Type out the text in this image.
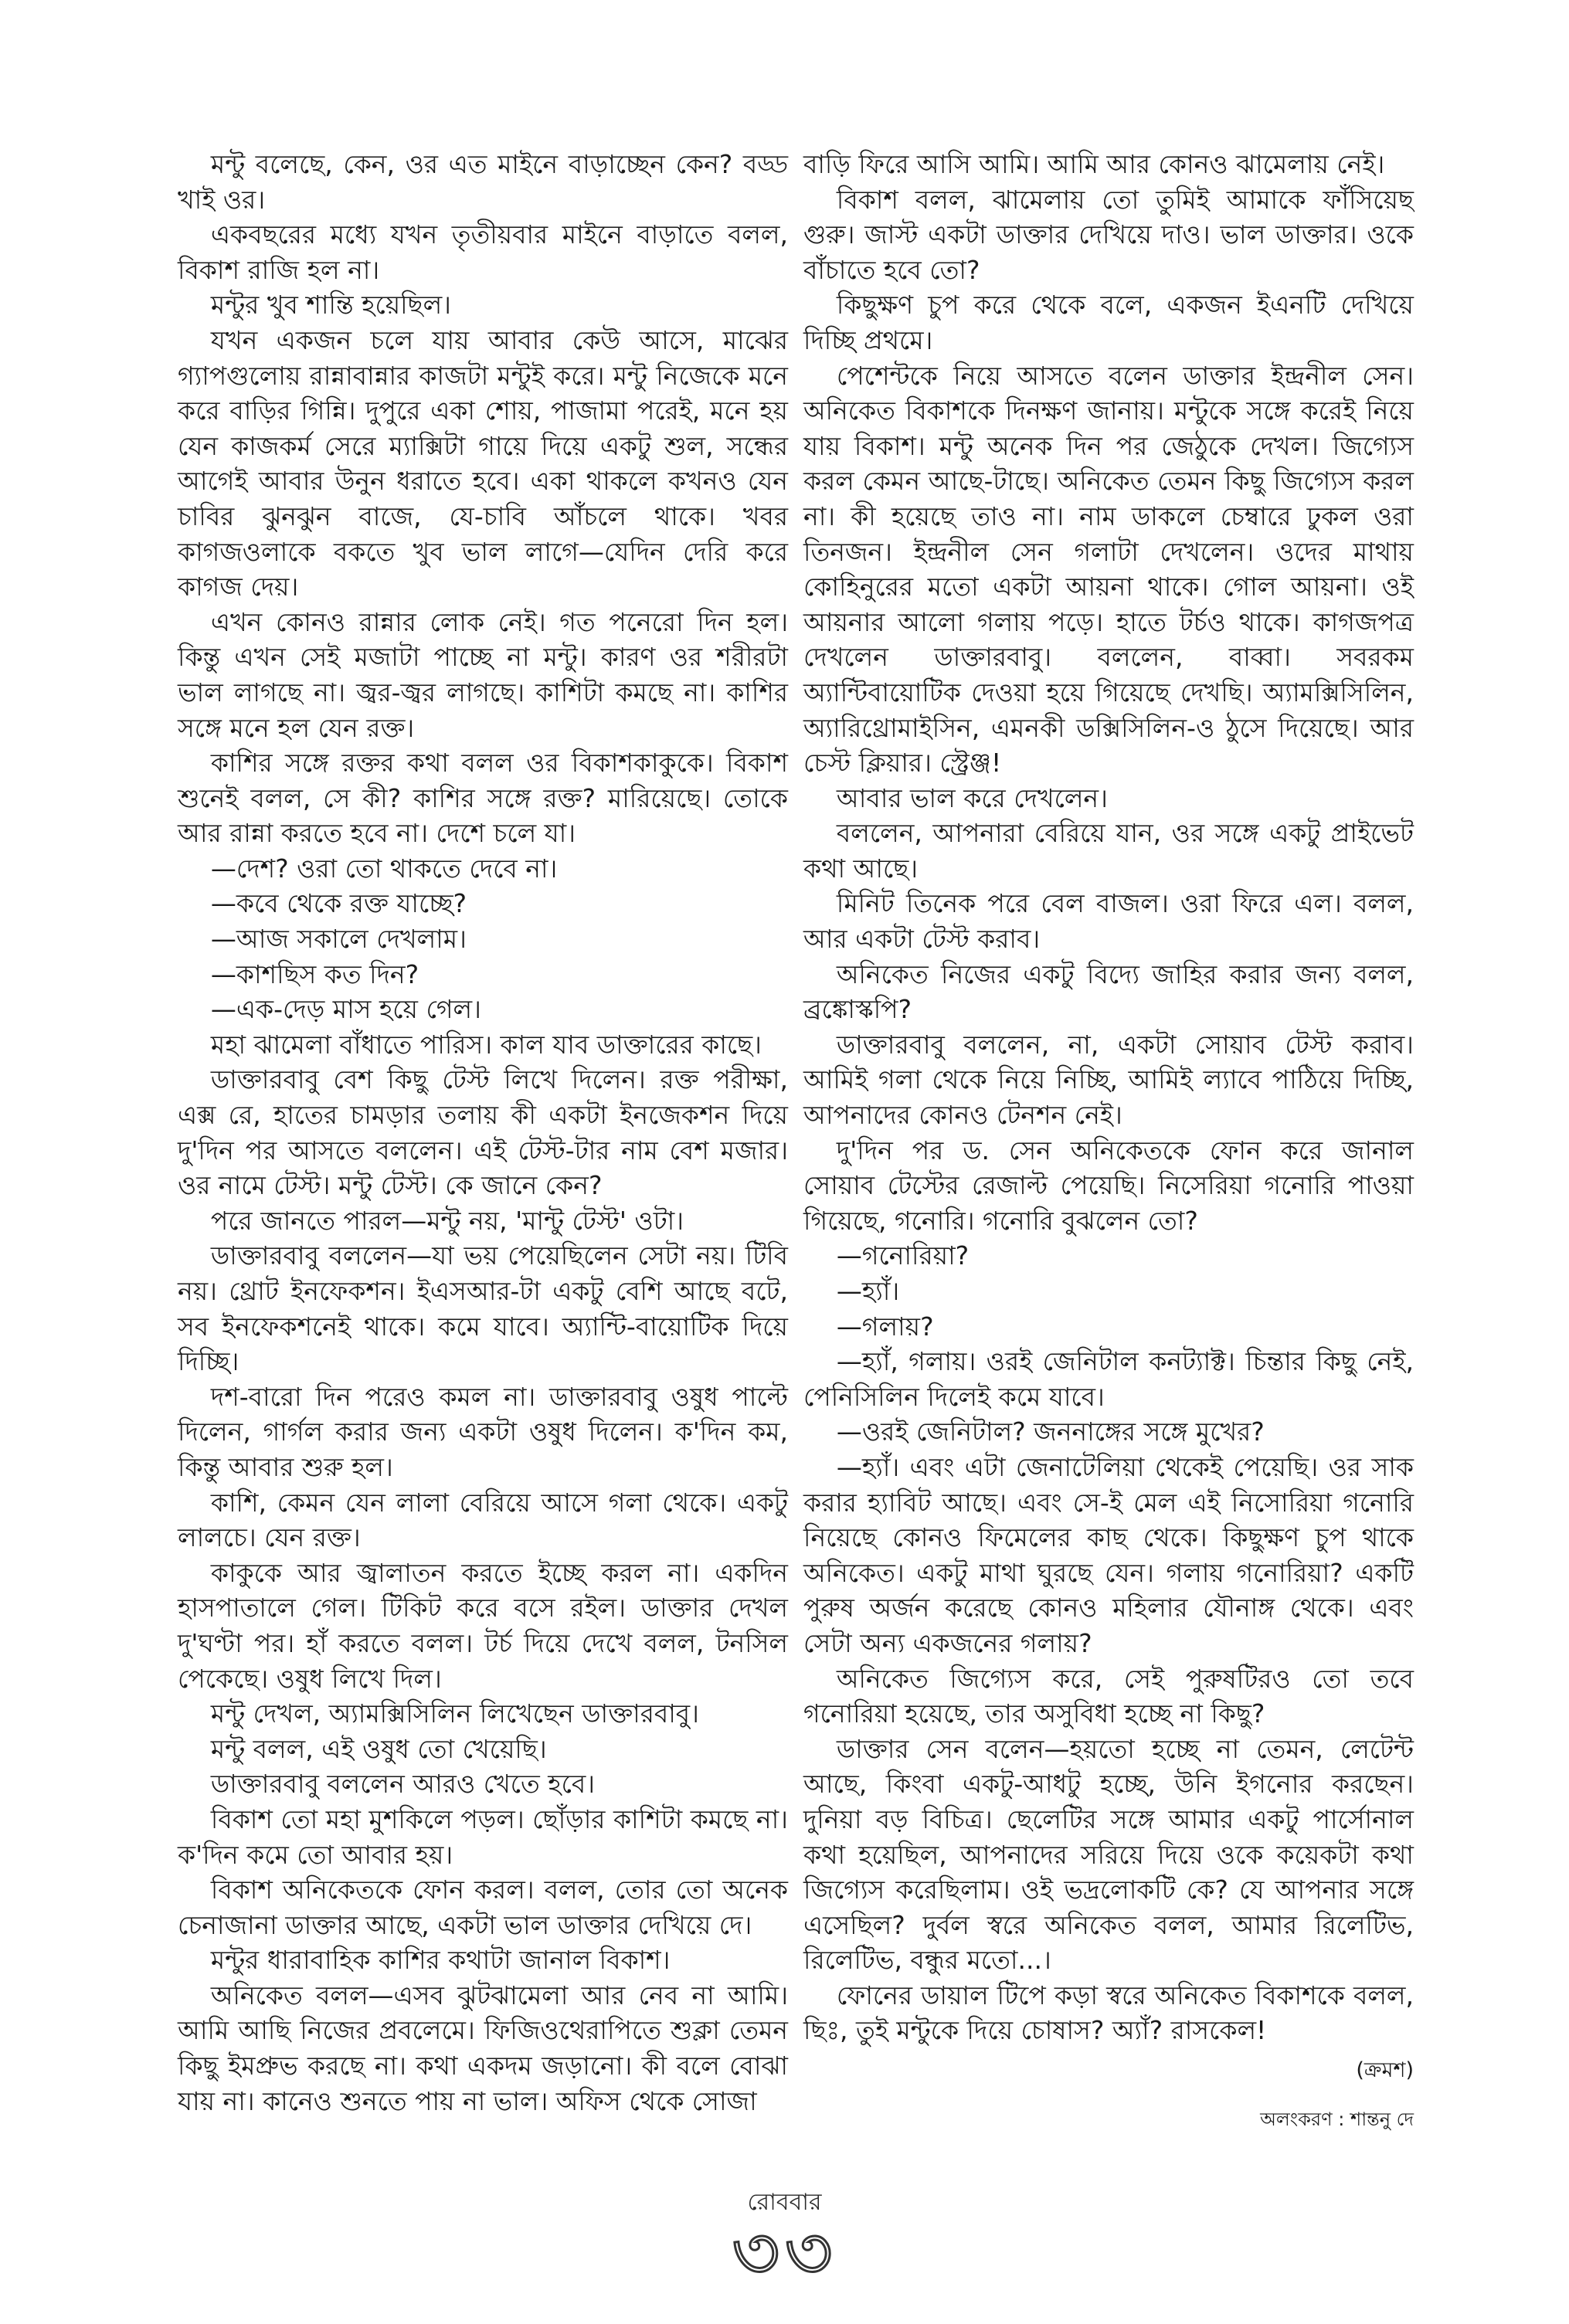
মন্টু বলেছে, কেন, ওর এত মাইনে বাড়াচ্ছেন কেন? বড্ড খাই ওর।

একবছরের মধ্যে যখন তৃতীয়বার মাইনে বাড়াতে বলল, বিকাশ রাজি হল না।

মন্টুর খুব শান্তি হয়েছিল।

যখন একজন চলে যায় আবার কেউ আসে, মাঝের গ্যাপগুলোয় রান্নাবান্নার কাজটা মন্টুই করে। মন্টু নিজেকে মনে করে বাড়ির গিন্নি। দুপুরে একা শোয়, পাজামা পরেই, মনে হয় যেন কাজকর্ম সেরে ম্যাক্সিটা গায়ে দিয়ে একটু শুল, সন্ধের আগেই আবার উনুন ধরাতে হবে। একা থাকলে কখনও যেন চাবির ঝুনঝুন বাজে, যে-চাবি আঁচলে থাকে। খবর কাগজওলাকে বকতে খুব ভাল লাগে—যেদিন দেরি করে কাগজ দেয়।

এখন কোনও রান্নার লোক নেই। গত পনেরো দিন হল। কিন্তু এখন সেই মজাটা পাচ্ছে না মন্টু। কারণ ওর শরীরটা ভাল লাগছে না। জ্বর-জ্বর লাগছে। কাশিটা কমছে না। কাশির সঙ্গে মনে হল যেন রক্ত।

কাশির সঙ্গে রক্তর কথা বলল ওর বিকাশকাকুকে। বিকাশ শুনেই বলল, সে কী? কাশির সঙ্গে রক্ত? মারিয়েছে। তোকে আর রান্না করতে হবে না। দেশে চলে যা।

—দেশ? ওরা তো থাকতে দেবে না।

—কবে থেকে রক্ত যাচ্ছে?

—আজ সকালে দেখলাম।

—কাশছিস কত দিন?

—এক-দেড় মাস হয়ে গেল।

মহা ঝামেলা বাঁধাতে পারিস। কাল যাব ডাক্তারের কাছে।

ডাক্তারবাবু বেশ কিছু টেস্ট লিখে দিলেন। রক্ত পরীক্ষা, এক্স রে, হাতের চামড়ার তলায় কী একটা ইনজেকশন দিয়ে দু'দিন পর আসতে বললেন। এই টেস্ট-টার নাম বেশ মজার। ওর নামে টেস্ট। মন্টু টেস্ট। কে জানে কেন?

পরে জানতে পারল—মন্টু নয়, 'মান্টু টেস্ট' ওটা।

ডাক্তারবাবু বললেন—যা ভয় পেয়েছিলেন সেটা নয়। টিবি নয়। থ্রোট ইনফেকশন। ইএসআর-টা একটু বেশি আছে বটে, সব ইনফেকশনেই থাকে। কমে যাবে। অ্যান্টি-বায়োটিক দিয়ে দিচ্ছি।

দশ-বারো দিন পরেও কমল না। ডাক্তারবাবু ওষুধ পাল্টে দিলেন, গার্গল করার জন্য একটা ওষুধ দিলেন। ক'দিন কম, কিন্তু আবার শুরু হল।

কাশি, কেমন যেন লালা বেরিয়ে আসে গলা থেকে। একটু লালচে। যেন রক্ত।

কাকুকে আর জ্বালাতন করতে ইচ্ছে করল না। একদিন হাসপাতালে গেল। টিকিট করে বসে রইল। ডাক্তার দেখল দু'ঘণ্টা পর। হাঁ করতে বলল। টর্চ দিয়ে দেখে বলল, টনসিল পেকেছে। ওষুধ লিখে দিল।

মন্টু দেখল, অ্যামক্সিসিলিন লিখেছেন ডাক্তারবাবু।

মন্টু বলল, এই ওষুধ তো খেয়েছি।

ডাক্তারবাবু বললেন আরও খেতে হবে।

বিকাশ তো মহা মুশকিলে পড়ল। ছোঁড়ার কাশিটা কমছে না। ক'দিন কমে তো আবার হয়।

বিকাশ অনিকেতকে ফোন করল। বলল, তোর তো অনেক চেনাজানা ডাক্তার আছে, একটা ভাল ডাক্তার দেখিয়ে দে।

মন্টুর ধারাবাহিক কাশির কথাটা জানাল বিকাশ।

অনিকেত বলল—এসব ঝুটঝামেলা আর নেব না আমি। আমি আছি নিজের প্রবলেমে। ফিজিওথেরাপিতে শুক্লা তেমন কিছু ইমপ্রুভ করছে না। কথা একদম জড়ানো। কী বলে বোঝা যায় না। কানেও শুনতে পায় না ভাল। অফিস থেকে সোজা

বাড়ি ফিরে আসি আমি। আমি আর কোনও ঝামেলায় নেই।

বিকাশ বলল, ঝামেলায় তো তুমিই আমাকে ফাঁসিয়েছ গুরু। জাস্ট একটা ডাক্তার দেখিয়ে দাও। ভাল ডাক্তার। ওকে বাঁচাতে হবে তো?

কিছুক্ষণ চুপ করে থেকে বলে, একজন ইএনটি দেখিয়ে দিচ্ছি প্রথমে।

পেশেন্টকে নিয়ে আসতে বলেন ডাক্তার ইন্দ্রনীল সেন। অনিকেত বিকাশকে দিনক্ষণ জানায়। মন্টুকে সঙ্গে করেই নিয়ে যায় বিকাশ। মন্টু অনেক দিন পর জেঠুকে দেখল। জিগ্যেস করল কেমন আছে-টাছে। অনিকেত তেমন কিছু জিগ্যেস করল না। কী হয়েছে তাও না। নাম ডাকলে চেম্বারে ঢুকল ওরা তিনজন। ইন্দ্রনীল সেন গলাটা দেখলেন। ওদের মাথায় কোহিনুরের মতো একটা আয়না থাকে। গোল আয়না। ওই আয়নার আলো গলায় পড়ে। হাতে টর্চও থাকে। কাগজপত্র দেখলেন ডাক্তারবাবু। বললেন, বাব্বা। সবরকম অ্যান্টিবায়োটিক দেওয়া হয়ে গিয়েছে দেখছি। অ্যামক্সিসিলিন, অ্যারিথ্রোমাইসিন, এমনকী ডক্সিসিলিন-ও ঠুসে দিয়েছে। আর চেস্ট ক্লিয়ার। স্ট্রেঞ্জ!

আবার ভাল করে দেখলেন।

বললেন, আপনারা বেরিয়ে যান, ওর সঙ্গে একটু প্রাইভেট কথা আছে।

মিনিট তিনেক পরে বেল বাজল। ওরা ফিরে এল। বলল, আর একটা টেস্ট করাব।

অনিকেত নিজের একটু বিদ্যে জাহির করার জন্য বলল, ব্রঙ্কোস্কপি?

ডাক্তারবাবু বললেন, না, একটা সোয়াব টেস্ট করাব। আমিই গলা থেকে নিয়ে নিচ্ছি, আমিই ল্যাবে পাঠিয়ে দিচ্ছি, আপনাদের কোনও টেনশন নেই।

দু'দিন পর ড. সেন অনিকেতকে ফোন করে জানাল সোয়াব টেস্টের রেজাল্ট পেয়েছি। নিসেরিয়া গনোরি পাওয়া গিয়েছে, গনোরি। গনোরি বুঝলেন তো?

—গনোরিয়া?

—হ্যাঁ।

—গলায়?

—হ্যাঁ, গলায়। ওরই জেনিটাল কনট্যাক্ট। চিন্তার কিছু নেই, পেনিসিলিন দিলেই কমে যাবে।

—ওরই জেনিটাল? জননাঙ্গের সঙ্গে মুখের?

—হ্যাঁ। এবং এটা জেনাটেলিয়া থেকেই পেয়েছি। ওর সাক করার হ্যাবিট আছে। এবং সে-ই মেল এই নিসোরিয়া গনোরি নিয়েছে কোনও ফিমেলের কাছ থেকে। কিছুক্ষণ চুপ থাকে অনিকেত। একটু মাথা ঘুরছে যেন। গলায় গনোরিয়া? একটি পুরুষ অর্জন করেছে কোনও মহিলার যৌনাঙ্গ থেকে। এবং সেটা অন্য একজনের গলায়?

অনিকেত জিগ্যেস করে, সেই পুরুষটিরও তো তবে গনোরিয়া হয়েছে, তার অসুবিধা হচ্ছে না কিছু?

ডাক্তার সেন বলেন—হয়তো হচ্ছে না তেমন, লেটেন্ট আছে, কিংবা একটু-আধটু হচ্ছে, উনি ইগনোর করছেন। দুনিয়া বড় বিচিত্র। ছেলেটির সঙ্গে আমার একটু পার্সোনাল কথা হয়েছিল, আপনাদের সরিয়ে দিয়ে ওকে কয়েকটা কথা জিগ্যেস করেছিলাম। ওই ভদ্রলোকটি কে? যে আপনার সঙ্গে এসেছিল? দুর্বল স্বরে অনিকেত বলল, আমার রিলেটিভ, রিলেটিভ, বন্ধুর মতো...।

ফোনের ডায়াল টিপে কড়া স্বরে অনিকেত বিকাশকে বলল, ছিঃ, তুই মন্টুকে দিয়ে চোষাস? অ্যাঁ? রাসকেল!

(ক্রমশ)

অলংকরণ : শান্তনু দে

রোববার
৩৩
